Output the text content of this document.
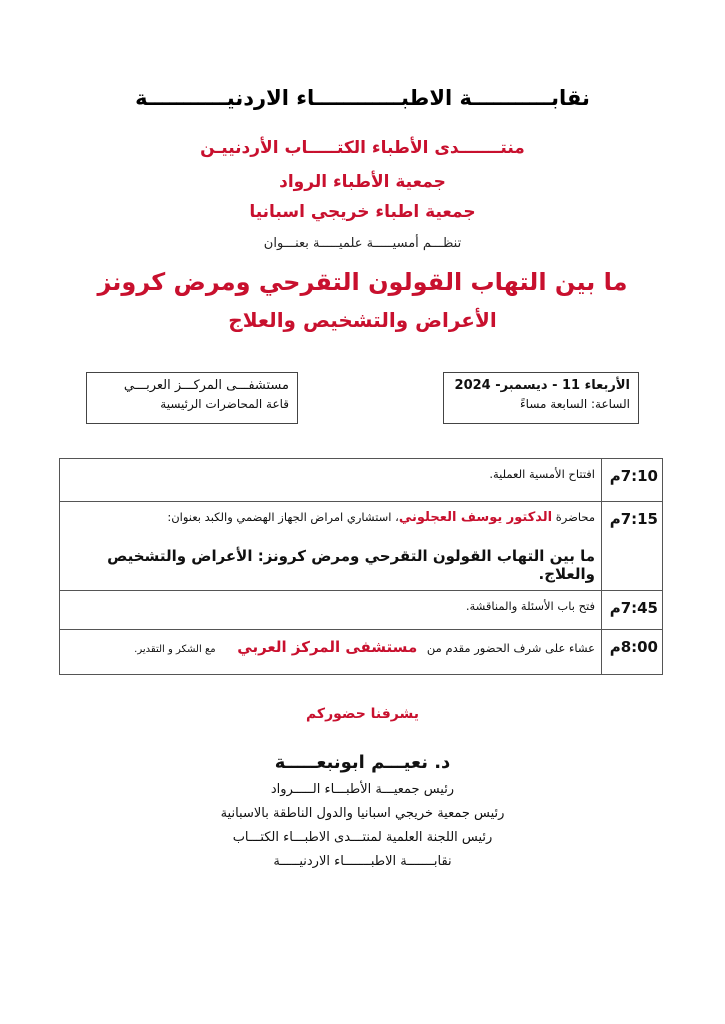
نقابـــــــــــة الاطبــــــــــــاء الاردنيـــــــــــة
منتـــــــدى الأطباء الكتـــــاب الأردنييـن
جمعية الأطباء الرواد
جمعية اطباء خريجي اسبانيا
تنظـــم أمسيـــــة علميـــــة بعنـــوان
ما بين التهاب القولون التقرحي ومرض كرونز
الأعراض والتشخيص والعلاج
الأربعاء 11 - ديسمبر- 2024
الساعة: السابعة مساءً
مستشفـــى المركـــز العربـــي
قاعة المحاضرات الرئيسية
7:10م	افتتاح الأمسية العملية.
7:15م	محاضرة الدكتور يوسف العجلوني، استشاري امراض الجهاز الهضمي والكبد بعنوان:
ما بين التهاب القولون التقرحي ومرض كرونز: الأعراض والتشخيص والعلاج.

7:45م	فتح باب الأسئلة والمناقشة.
8:00م	عشاء على شرف الحضور مقدم من مستشفى المركز العربي مع الشكر و التقدير.
يشرفنا حضوركم
د. نعيـــم ابونبعـــــة
رئيس جمعيـــة الأطبـــاء الـــــرواد
رئيس جمعية خريجي اسبانيا والدول الناطقة بالاسبانية
رئيس اللجنة العلمية لمنتـــدى الاطبـــاء الكتـــاب
نقابـــــــة الاطبـــــــاء الاردنيـــــة
